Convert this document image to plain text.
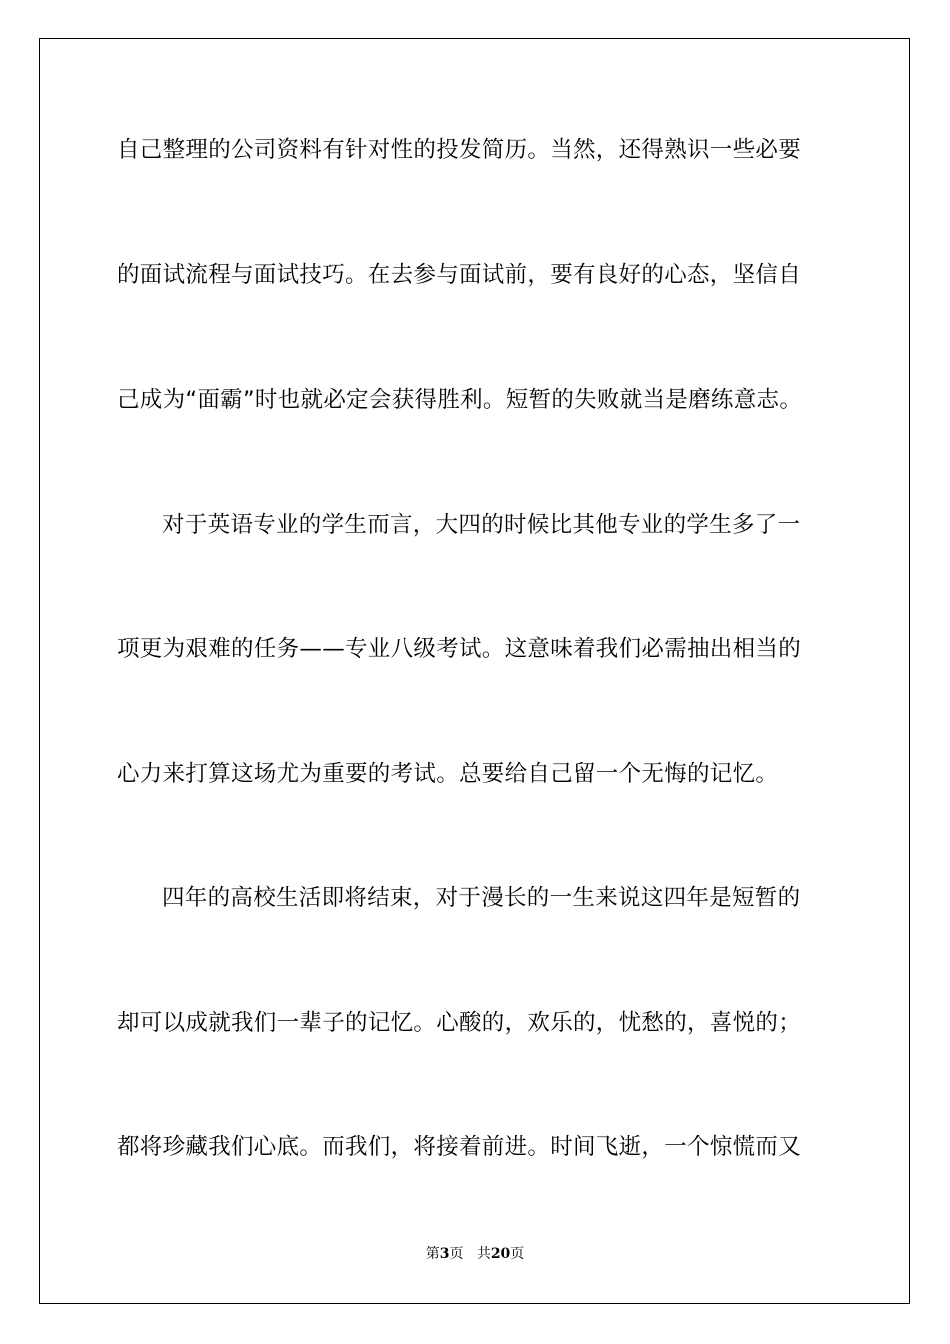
自己整理的公司资料有针对性的投发简历。当然，还得熟识一些必要
的面试流程与面试技巧。在去参与面试前，要有良好的心态，坚信自
己成为“面霸”时也就必定会获得胜利。短暂的失败就当是磨练意志。
对于英语专业的学生而言，大四的时候比其他专业的学生多了一
项更为艰难的任务——专业八级考试。这意味着我们必需抽出相当的
心力来打算这场尤为重要的考试。总要给自己留一个无悔的记忆。
四年的高校生活即将结束，对于漫长的一生来说这四年是短暂的
却可以成就我们一辈子的记忆。心酸的，欢乐的，忧愁的，喜悦的；
都将珍藏我们心底。而我们，将接着前进。时间飞逝，一个惊慌而又
第3页 共20页
